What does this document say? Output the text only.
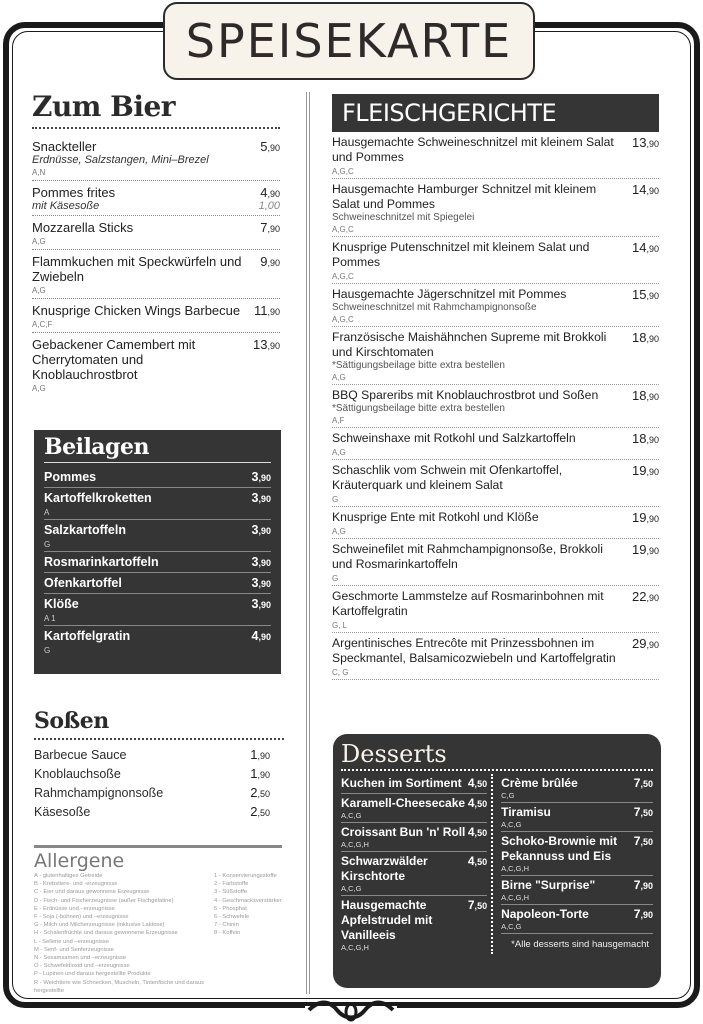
SPEISEKARTE
Zum Bier
Snackteller	5,90
Erdnüsse, Salzstangen, Mini–Brezel
A,N
Pommes frites	4,90
mit Käsesoße	1,00
Mozzarella Sticks	7,90
A,G
Flammkuchen mit Speckwürfeln und Zwiebeln
9,90
A,G
Knusprige Chicken Wings Barbecue 11,90
A,C,F
Gebackener Camembert mit Cherrytomaten und Knoblauchrostbrot
13,90
A,G
Beilagen
Pommes	3,90
Kartoffelkroketten	3,90
A
Salzkartoffeln	3,90
G
Rosmarinkartoffeln	3,90
Ofenkartoffel	3,90
Klöße	3,90
A 1
Kartoffelgratin	4,90
G
Soßen
Barbecue Sauce	1,90
Knoblauchsoße	1,90
Rahmchampignonsoße	2,50
Käsesoße	2,50
Allergene
A - glutenhaltiges Getreide
B - Krebstiere- und -erzeugnisse
C - Eier und daraus gewonnene Erzeugnisse
D - Fisch- und Fischerzeugnisse (außer Fischgelatine)
E - Erdnüsse und –erzeugnisse
F - Soja (-bohnen) und –erzeugnisse
G - Milch und Milcherzeugnisse (inklusive Laktose)
H - Schalenfrüchte und daraus gewonnene Erzeugnisse
L - Sellerie und –erzeugnisse
M - Senf- und Senferzeugnisse
N - Sesamsamen und –erzeugnisse
O - Schwefeldioxid und –erzeugnisse
P - Lupinen und daraus hergestellte Produkte
R - Weichtiere wie Schnecken, Muscheln, Tintenfische und daraus hergestellte
1 - Konservierungsstoffe
2 - Farbstoffe
3 - Süßstoffe
4 - Geschmacksverstärker
5 - Phosphat
6 - Schwefele
7 - Chinin
8 - Koffein
FLEISCHGERICHTE
Hausgemachte Schweineschnitzel mit kleinem Salat und Pommes
13,90
A,G,C
Hausgemachte Hamburger Schnitzel mit kleinem Salat und Pommes
14,90
Schweineschnitzel mit Spiegelei
A,G,C
Knusprige Putenschnitzel mit kleinem Salat und Pommes
14,90
A,G,C
Hausgemachte Jägerschnitzel mit Pommes	15,90
Schweineschnitzel mit Rahmchampignonsoße
A,G,C
Französische Maishähnchen Supreme mit Brokkoli und Kirschtomaten
18,90
*Sättigungsbeilage bitte extra bestellen
A,G
BBQ Spareribs mit Knoblauchrostbrot und Soßen	18,90
*Sättigungsbeilage bitte extra bestellen
A,F
Schweinshaxe mit Rotkohl und Salzkartoffeln	18,90
A,G
Schaschlik vom Schwein mit Ofenkartoffel, Kräuterquark und kleinem Salat
19,90
G
Knusprige Ente mit Rotkohl und Klöße	19,90
A,G
Schweinefilet mit Rahmchampignonsoße, Brokkoli und Rosmarinkartoffeln
19,90
G
Geschmorte Lammstelze auf Rosmarinbohnen mit Kartoffelgratin
22,90
G, L
Argentinisches Entrecôte mit Prinzessbohnen im Speckmantel, Balsamicozwiebeln und Kartoffelgratin
29,90
C, G
Desserts
Kuchen im Sortiment 4,50
Karamell-Cheesecake 4,50
A,C,G
Croissant Bun 'n' Roll 4,50
A,C,G,H
Schwarzwälder Kirschtorte
4,50
A,C,G
Hausgemachte Apfelstrudel mit Vanilleeis
7,50
A,C,G,H
Crème brûlée	7,50
C,G
Tiramisu	7,50
A,C,G
Schoko-Brownie mit Pekannuss und Eis
7,50
A,C,G,H
Birne "Surprise"	7,90
A,C,G,H
Napoleon-Torte	7,90
A,C,G
*Alle desserts sind hausgemacht
